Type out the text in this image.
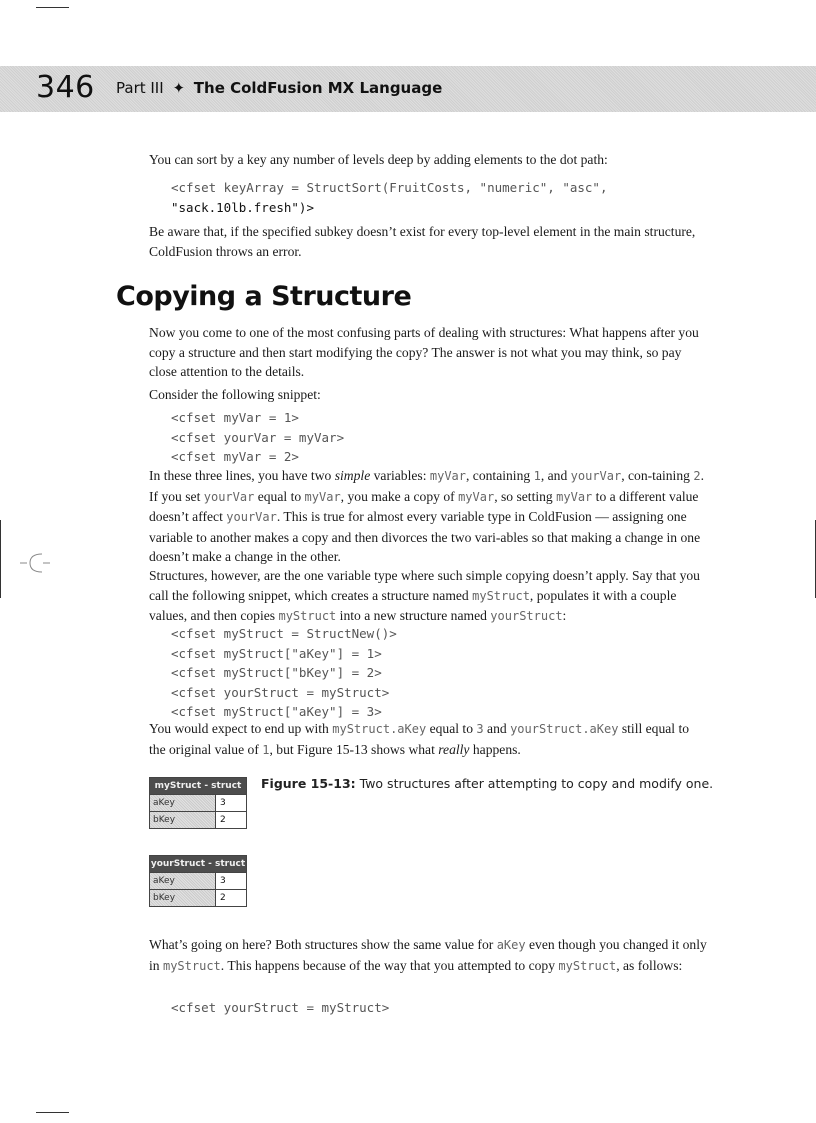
346 Part III ✦ The ColdFusion MX Language

You can sort by a key any number of levels deep by adding elements to the dot path:

<cfset keyArray = StructSort(FruitCosts, "numeric", "asc",
"sack.10lb.fresh")>

Be aware that, if the specified subkey doesn’t exist for every top-level element in the main structure, ColdFusion throws an error.

Copying a Structure

Now you come to one of the most confusing parts of dealing with structures: What happens after you copy a structure and then start modifying the copy? The answer is not what you may think, so pay close attention to the details.

Consider the following snippet:

<cfset myVar = 1>
<cfset yourVar = myVar>
<cfset myVar = 2>

In these three lines, you have two simple variables: myVar, containing 1, and yourVar, con-taining 2. If you set yourVar equal to myVar, you make a copy of myVar, so setting myVar to a different value doesn’t affect yourVar. This is true for almost every variable type in ColdFusion — assigning one variable to another makes a copy and then divorces the two vari-ables so that making a change in one doesn’t make a change in the other.

Structures, however, are the one variable type where such simple copying doesn’t apply. Say that you call the following snippet, which creates a structure named myStruct, populates it with a couple values, and then copies myStruct into a new structure named yourStruct:

<cfset myStruct = StructNew()>
<cfset myStruct["aKey"] = 1>
<cfset myStruct["bKey"] = 2>
<cfset yourStruct = myStruct>
<cfset myStruct["aKey"] = 3>

You would expect to end up with myStruct.aKey equal to 3 and yourStruct.aKey still equal to the original value of 1, but Figure 15-13 shows what really happens.

myStruct - struct
aKey	3
bKey	2
yourStruct - struct
aKey	3
bKey	2
Figure 15-13: Two structures after attempting to copy and modify one.

What’s going on here? Both structures show the same value for aKey even though you changed it only in myStruct. This happens because of the way that you attempted to copy myStruct, as follows:

<cfset yourStruct = myStruct>
